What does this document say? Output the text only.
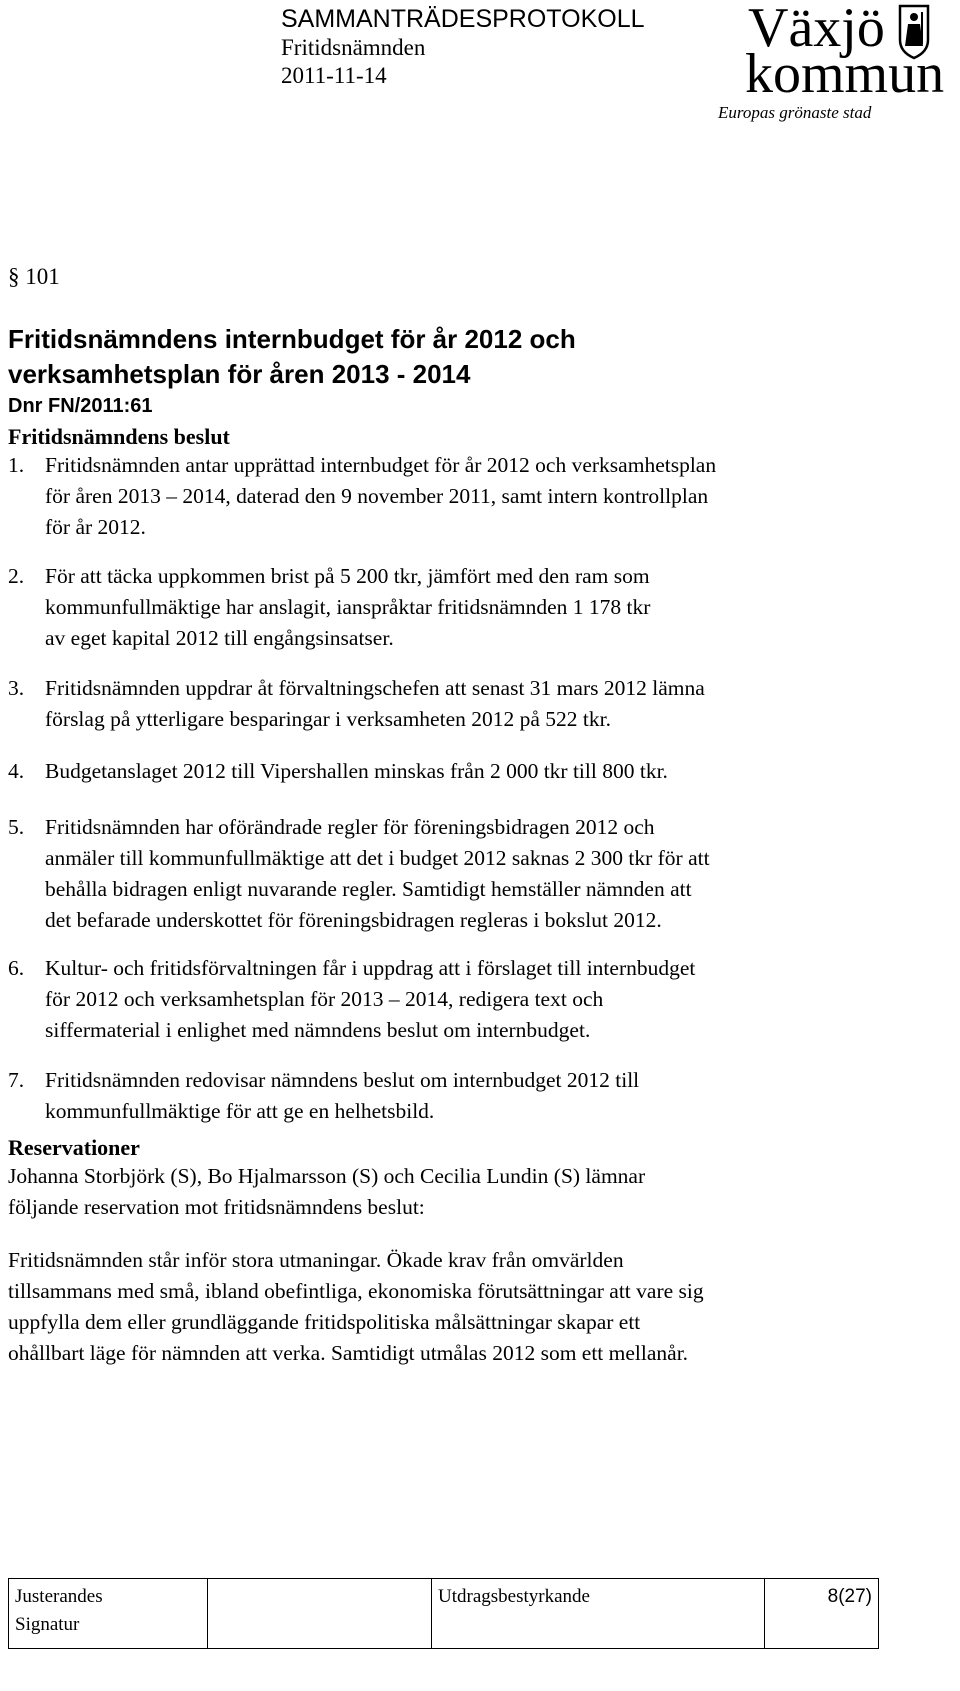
SAMMANTRÄDESPROTOKOLL
Fritidsnämnden
2011-11-14
Växjö
kommun
Europas grönaste stad
§ 101
Fritidsnämndens internbudget för år 2012 och
verksamhetsplan för åren 2013 - 2014
Dnr FN/2011:61
Fritidsnämndens beslut
1. Fritidsnämnden antar upprättad internbudget för år 2012 och verksamhetsplan
för åren 2013 – 2014, daterad den 9 november 2011, samt intern kontrollplan
för år 2012.
2. För att täcka uppkommen brist på 5 200 tkr, jämfört med den ram som
kommunfullmäktige har anslagit, ianspråktar fritidsnämnden 1 178 tkr
av eget kapital 2012 till engångsinsatser.
3. Fritidsnämnden uppdrar åt förvaltningschefen att senast 31 mars 2012 lämna
förslag på ytterligare besparingar i verksamheten 2012 på 522 tkr.
4. Budgetanslaget 2012 till Vipershallen minskas från 2 000 tkr till 800 tkr.
5. Fritidsnämnden har oförändrade regler för föreningsbidragen 2012 och
anmäler till kommunfullmäktige att det i budget 2012 saknas 2 300 tkr för att
behålla bidragen enligt nuvarande regler. Samtidigt hemställer nämnden att
det befarade underskottet för föreningsbidragen regleras i bokslut 2012.
6. Kultur- och fritidsförvaltningen får i uppdrag att i förslaget till internbudget
för 2012 och verksamhetsplan för 2013 – 2014, redigera text och
siffermaterial i enlighet med nämndens beslut om internbudget.
7. Fritidsnämnden redovisar nämndens beslut om internbudget 2012 till
kommunfullmäktige för att ge en helhetsbild.
Reservationer
Johanna Storbjörk (S), Bo Hjalmarsson (S) och Cecilia Lundin (S) lämnar
följande reservation mot fritidsnämndens beslut:
Fritidsnämnden står inför stora utmaningar. Ökade krav från omvärlden
tillsammans med små, ibland obefintliga, ekonomiska förutsättningar att vare sig
uppfylla dem eller grundläggande fritidspolitiska målsättningar skapar ett
ohållbart läge för nämnden att verka. Samtidigt utmålas 2012 som ett mellanår.
Justerandes
Signatur

Utdragsbestyrkande	8(27)
